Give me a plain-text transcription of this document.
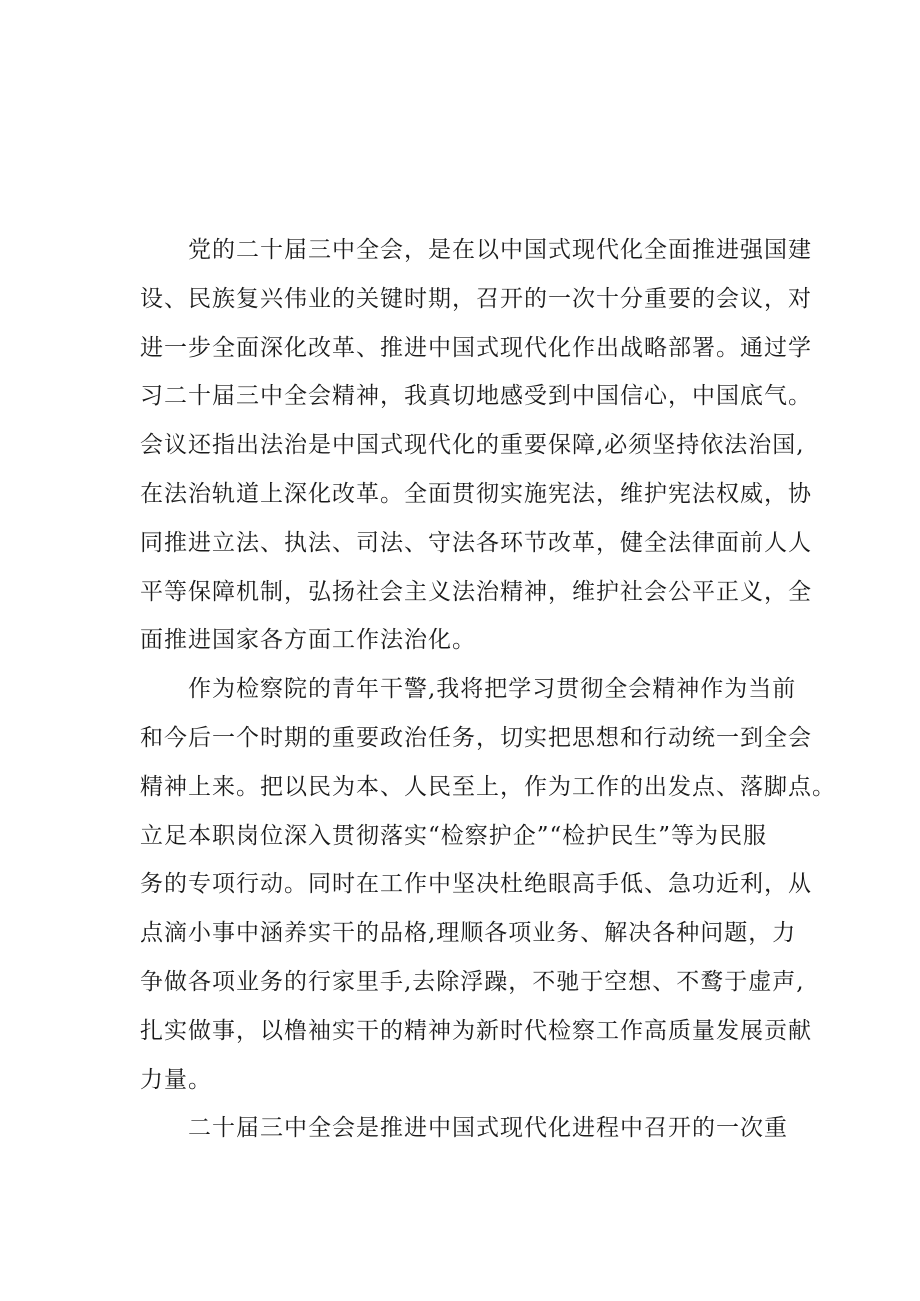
党的二十届三中全会，是在以中国式现代化全面推进强国建
设、民族复兴伟业的关键时期，召开的一次十分重要的会议，对
进一步全面深化改革、推进中国式现代化作出战略部署。通过学
习二十届三中全会精神，我真切地感受到中国信心，中国底气。
会议还指出法治是中国式现代化的重要保障,必须坚持依法治国,
在法治轨道上深化改革。全面贯彻实施宪法，维护宪法权威，协
同推进立法、执法、司法、守法各环节改革，健全法律面前人人
平等保障机制，弘扬社会主义法治精神，维护社会公平正义，全
面推进国家各方面工作法治化。
作为检察院的青年干警,我将把学习贯彻全会精神作为当前
和今后一个时期的重要政治任务，切实把思想和行动统一到全会
精神上来。把以民为本、人民至上，作为工作的出发点、落脚点。
立足本职岗位深入贯彻落实“检察护企”“检护民生”等为民服
务的专项行动。同时在工作中坚决杜绝眼高手低、急功近利，从
点滴小事中涵养实干的品格,理顺各项业务、解决各种问题，力
争做各项业务的行家里手,去除浮躁，不驰于空想、不鹜于虚声,
扎实做事，以橹袖实干的精神为新时代检察工作高质量发展贡献
力量。
二十届三中全会是推进中国式现代化进程中召开的一次重
